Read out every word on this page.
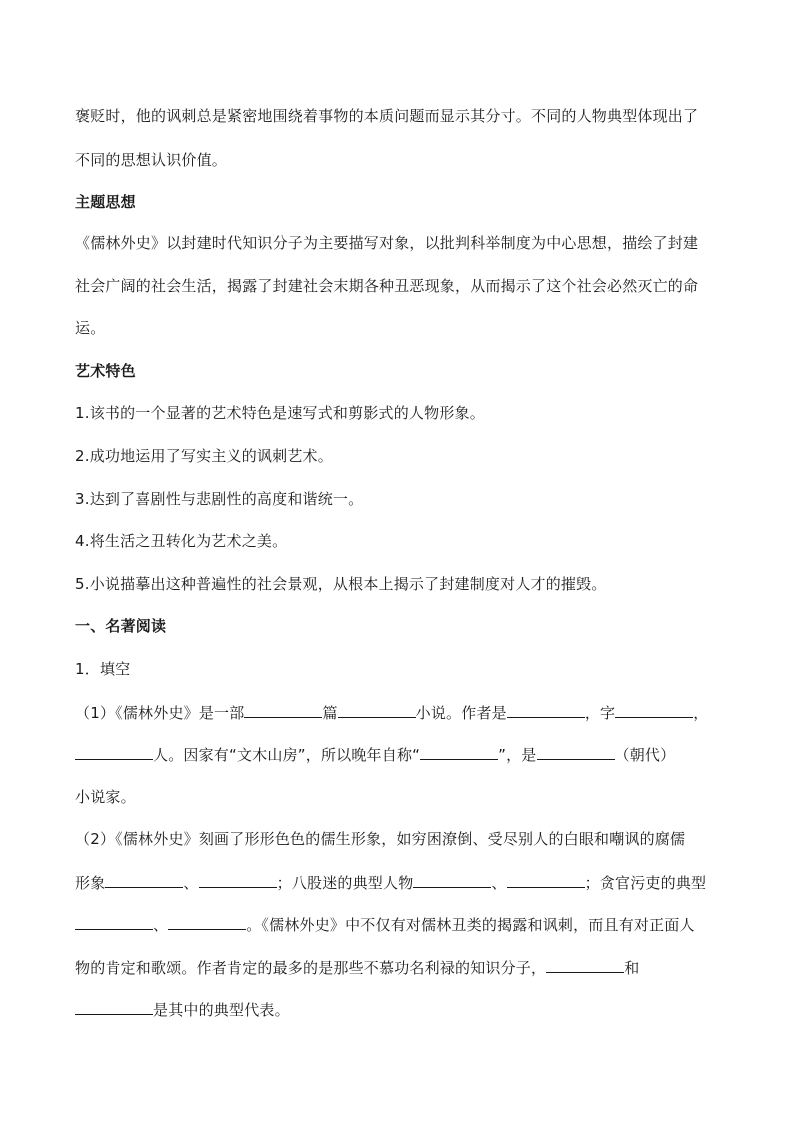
褒贬时，他的讽刺总是紧密地围绕着事物的本质问题而显示其分寸。不同的人物典型体现出了
不同的思想认识价值。
主题思想
《儒林外史》以封建时代知识分子为主要描写对象，以批判科举制度为中心思想，描绘了封建
社会广阔的社会生活，揭露了封建社会末期各种丑恶现象，从而揭示了这个社会必然灭亡的命
运。
艺术特色
1.该书的一个显著的艺术特色是速写式和剪影式的人物形象。
2.成功地运用了写实主义的讽刺艺术。
3.达到了喜剧性与悲剧性的高度和谐统一。
4.将生活之丑转化为艺术之美。
5.小说描摹出这种普遍性的社会景观，从根本上揭示了封建制度对人才的摧毁。
一、名著阅读
1．填空
（1）《儒林外史》是一部	篇	小说。作者是	，字	，
人。因家有“文木山房”，所以晚年自称“	”，是	（朝代）
小说家。
（2）《儒林外史》刻画了形形色色的儒生形象，如穷困潦倒、受尽别人的白眼和嘲讽的腐儒
形象	、	；八股迷的典型人物	、	；贪官污吏的典型
、	。《儒林外史》中不仅有对儒林丑类的揭露和讽刺，而且有对正面人
物的肯定和歌颂。作者肯定的最多的是那些不慕功名利禄的知识分子，	和
是其中的典型代表。
